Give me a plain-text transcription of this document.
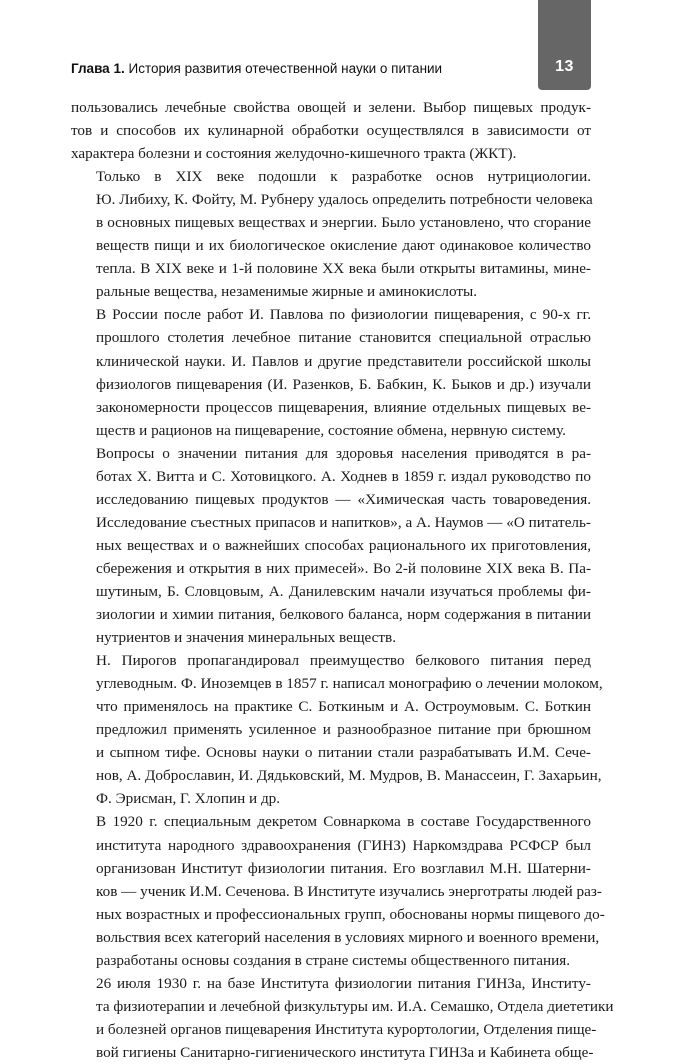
13
Глава 1. История развития отечественной науки о питании

пользовались лечебные свойства овощей и зелени. Выбор пищевых продук-
тов и способов их кулинарной обработки осуществлялся в зависимости от
характера болезни и состояния желудочно-кишечного тракта (ЖКТ).

Только в XIX веке подошли к разработке основ нутрициологии.
Ю. Либиху, К. Фойту, М. Рубнеру удалось определить потребности человека
в основных пищевых веществах и энергии. Было установлено, что сгорание
веществ пищи и их биологическое окисление дают одинаковое количество
тепла. В XIX веке и 1-й половине XX века были открыты витамины, мине-
ральные вещества, незаменимые жирные и аминокислоты.

В России после работ И. Павлова по физиологии пищеварения, с 90-х гг.
прошлого столетия лечебное питание становится специальной отраслью
клинической науки. И. Павлов и другие представители российской школы
физиологов пищеварения (И. Разенков, Б. Бабкин, К. Быков и др.) изучали
закономерности процессов пищеварения, влияние отдельных пищевых ве-
ществ и рационов на пищеварение, состояние обмена, нервную систему.

Вопросы о значении питания для здоровья населения приводятся в ра-
ботах Х. Витта и С. Хотовицкого. А. Ходнев в 1859 г. издал руководство по
исследованию пищевых продуктов — «Химическая часть товароведения.
Исследование съестных припасов и напитков», а А. Наумов — «О питатель-
ных веществах и о важнейших способах рационального их приготовления,
сбережения и открытия в них примесей». Во 2-й половине XIX века В. Па-
шутиным, Б. Словцовым, А. Данилевским начали изучаться проблемы фи-
зиологии и химии питания, белкового баланса, норм содержания в питании
нутриентов и значения минеральных веществ.

Н. Пирогов пропагандировал преимущество белкового питания перед
углеводным. Ф. Иноземцев в 1857 г. написал монографию о лечении молоком,
что применялось на практике С. Боткиным и А. Остроумовым. С. Боткин
предложил применять усиленное и разнообразное питание при брюшном
и сыпном тифе. Основы науки о питании стали разрабатывать И.М. Сече-
нов, А. Доброславин, И. Дядьковский, М. Мудров, В. Манассеин, Г. Захарьин,
Ф. Эрисман, Г. Хлопин и др.

В 1920 г. специальным декретом Совнаркома в составе Государственного
института народного здравоохранения (ГИНЗ) Наркомздрава РСФСР был
организован Институт физиологии питания. Его возглавил М.Н. Шатерни-
ков — ученик И.М. Сеченова. В Институте изучались энерготраты людей раз-
ных возрастных и профессиональных групп, обоснованы нормы пищевого до-
вольствия всех категорий населения в условиях мирного и военного времени,
разработаны основы создания в стране системы общественного питания.

26 июля 1930 г. на базе Института физиологии питания ГИНЗа, Институ-
та физиотерапии и лечебной физкультуры им. И.А. Семашко, Отдела диететики
и болезней органов пищеварения Института курортологии, Отделения пище-
вой гигиены Санитарно-гигиенического института ГИНЗа и Кабинета обще-
